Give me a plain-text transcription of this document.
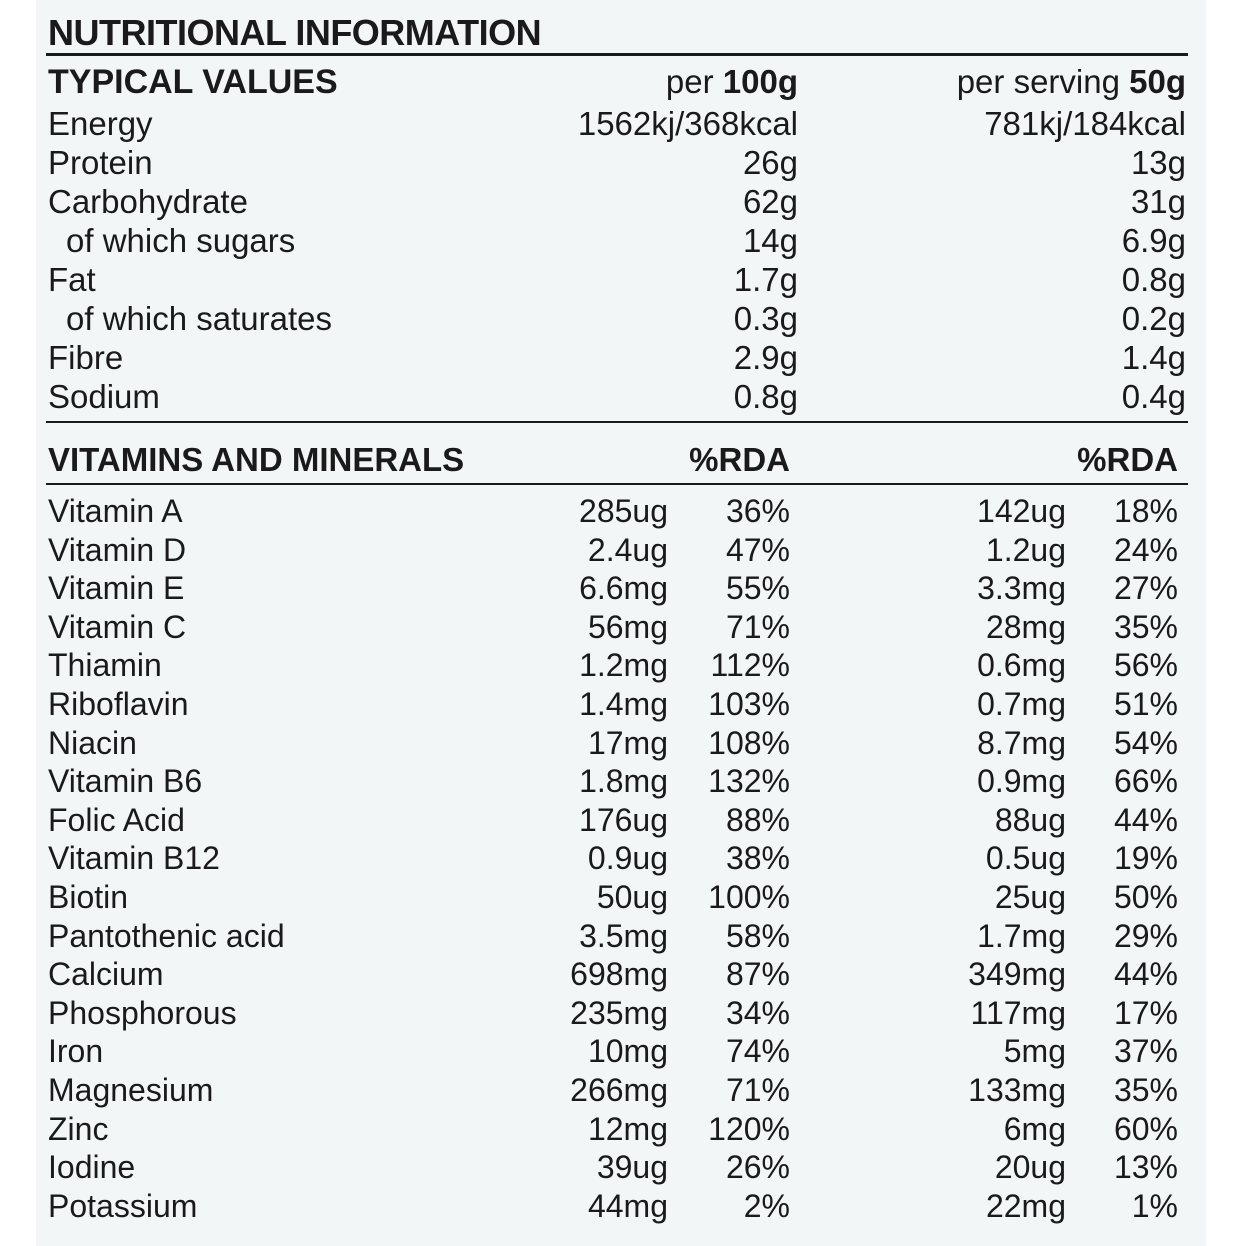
NUTRITIONAL INFORMATION
TYPICAL VALUES	per 100g	per serving 50g
Energy	1562kj/368kcal	781kj/184kcal
Protein	26g	13g
Carbohydrate	62g	31g
of which sugars	14g	6.9g
Fat	1.7g	0.8g
of which saturates	0.3g	0.2g
Fibre	2.9g	1.4g
Sodium	0.8g	0.4g
VITAMINS AND MINERALS	%RDA	%RDA
Vitamin A	285ug 36%	142ug 18%
Vitamin D	2.4ug 47%	1.2ug 24%
Vitamin E	6.6mg 55%	3.3mg 27%
Vitamin C	56mg 71%	28mg 35%
Thiamin	1.2mg 112%	0.6mg 56%
Riboflavin	1.4mg 103%	0.7mg 51%
Niacin	17mg 108%	8.7mg 54%
Vitamin B6	1.8mg 132%	0.9mg 66%
Folic Acid	176ug 88%	88ug 44%
Vitamin B12	0.9ug 38%	0.5ug 19%
Biotin	50ug 100%	25ug 50%
Pantothenic acid	3.5mg 58%	1.7mg 29%
Calcium	698mg 87%	349mg 44%
Phosphorous	235mg 34%	117mg 17%
Iron	10mg 74%	5mg 37%
Magnesium	266mg 71%	133mg 35%
Zinc	12mg 120%	6mg 60%
Iodine	39ug 26%	20ug 13%
Potassium	44mg 2%	22mg 1%
